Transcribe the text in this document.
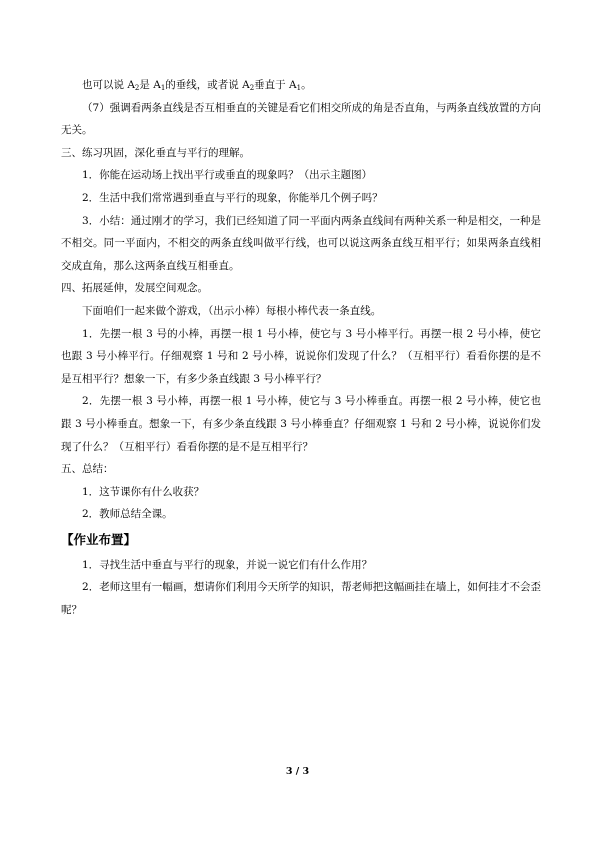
也可以说 $A_2$是 $A_1$的垂线，或者说 $A_2$垂直于 $A_1$。

（7）强调看两条直线是否互相垂直的关键是看它们相交所成的角是否直角，与两条直线放置的方向无关。

三、练习巩固，深化垂直与平行的理解。

1．你能在运动场上找出平行或垂直的现象吗？（出示主题图）

2．生活中我们常常遇到垂直与平行的现象，你能举几个例子吗？

3．小结：通过刚才的学习，我们已经知道了同一平面内两条直线间有两种关系一种是相交，一种是不相交。同一平面内，不相交的两条直线叫做平行线，也可以说这两条直线互相平行；如果两条直线相交成直角，那么这两条直线互相垂直。

四、拓展延伸，发展空间观念。

下面咱们一起来做个游戏，（出示小棒）每根小棒代表一条直线。

1．先摆一根 3 号的小棒，再摆一根 1 号小棒，使它与 3 号小棒平行。再摆一根 2 号小棒，使它也跟 3 号小棒平行。仔细观察 1 号和 2 号小棒，说说你们发现了什么？（互相平行）看看你摆的是不是互相平行？想象一下，有多少条直线跟 3 号小棒平行？

2．先摆一根 3 号小棒，再摆一根 1 号小棒，使它与 3 号小棒垂直。再摆一根 2 号小棒，使它也跟 3 号小棒垂直。想象一下，有多少条直线跟 3 号小棒垂直？仔细观察 1 号和 2 号小棒，说说你们发现了什么？（互相平行）看看你摆的是不是互相平行？

五、总结：

1．这节课你有什么收获？

2．教师总结全课。

【作业布置】

1．寻找生活中垂直与平行的现象，并说一说它们有什么作用？

2．老师这里有一幅画，想请你们利用今天所学的知识，帮老师把这幅画挂在墙上，如何挂才不会歪呢？

3 / 3
